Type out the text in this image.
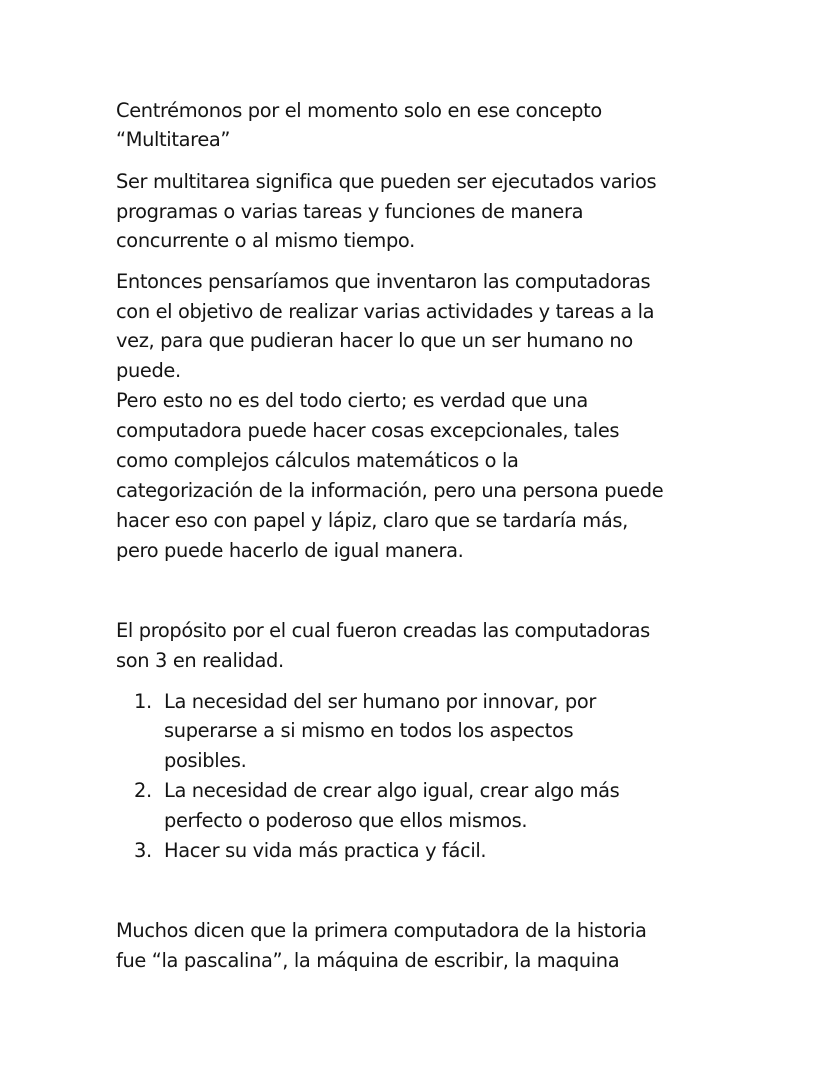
Centrémonos por el momento solo en ese concepto
“Multitarea”
Ser multitarea significa que pueden ser ejecutados varios
programas o varias tareas y funciones de manera
concurrente o al mismo tiempo.
Entonces pensaríamos que inventaron las computadoras
con el objetivo de realizar varias actividades y tareas a la
vez, para que pudieran hacer lo que un ser humano no
puede.
Pero esto no es del todo cierto; es verdad que una
computadora puede hacer cosas excepcionales, tales
como complejos cálculos matemáticos o la
categorización de la información, pero una persona puede
hacer eso con papel y lápiz, claro que se tardaría más,
pero puede hacerlo de igual manera.
El propósito por el cual fueron creadas las computadoras
son 3 en realidad.
1. La necesidad del ser humano por innovar, por
superarse a si mismo en todos los aspectos
posibles.
2. La necesidad de crear algo igual, crear algo más
perfecto o poderoso que ellos mismos.
3. Hacer su vida más practica y fácil.
Muchos dicen que la primera computadora de la historia
fue “la pascalina”, la máquina de escribir, la maquina
